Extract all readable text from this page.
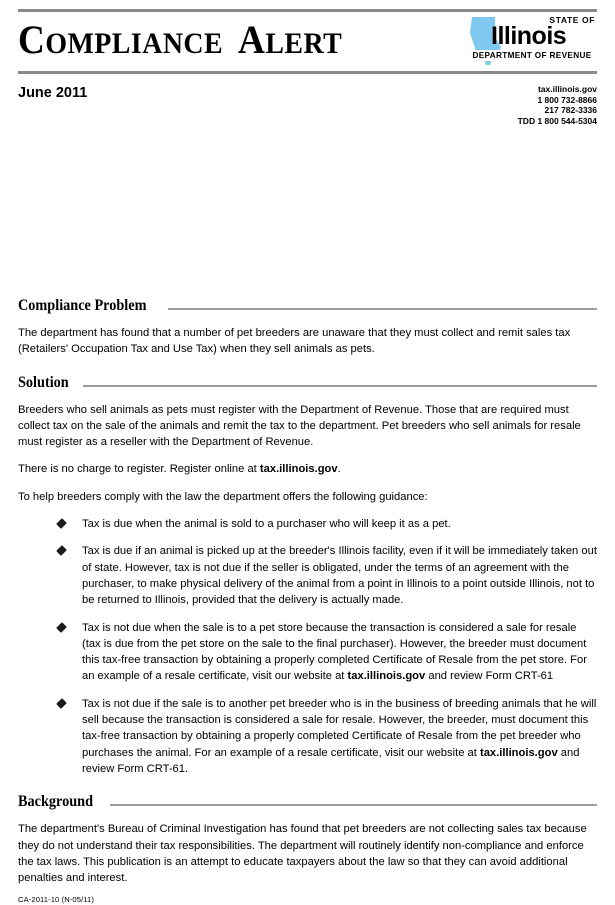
COMPLIANCE ALERT
STATE OF
Illinois
DEPARTMENT OF REVENUE
June 2011	tax.illinois.gov
1 800 732-8866
217 782-3336
TDD 1 800 544-5304
Compliance Problem

The department has found that a number of pet breeders are unaware that they must collect and remit sales tax (Retailers' Occupation Tax and Use Tax) when they sell animals as pets.

Solution

Breeders who sell animals as pets must register with the Department of Revenue. Those that are required must collect tax on the sale of the animals and remit the tax to the department. Pet breeders who sell animals for resale must register as a reseller with the Department of Revenue.

There is no charge to register. Register online at tax.illinois.gov.

To help breeders comply with the law the department offers the following guidance:

Tax is due when the animal is sold to a purchaser who will keep it as a pet.
Tax is due if an animal is picked up at the breeder's Illinois facility, even if it will be immediately taken out of state. However, tax is not due if the seller is obligated, under the terms of an agreement with the purchaser, to make physical delivery of the animal from a point in Illinois to a point outside Illinois, not to be returned to Illinois, provided that the delivery is actually made.
Tax is not due when the sale is to a pet store because the transaction is considered a sale for resale (tax is due from the pet store on the sale to the final purchaser). However, the breeder must document this tax-free transaction by obtaining a properly completed Certificate of Resale from the pet store. For an example of a resale certificate, visit our website at tax.illinois.gov and review Form CRT-61
Tax is not due if the sale is to another pet breeder who is in the business of breeding animals that he will sell because the transaction is considered a sale for resale. However, the breeder, must document this tax-free transaction by obtaining a properly completed Certificate of Resale from the pet breeder who purchases the animal. For an example of a resale certificate, visit our website at tax.illinois.gov and review Form CRT-61.
Background

The department's Bureau of Criminal Investigation has found that pet breeders are not collecting sales tax because they do not understand their tax responsibilities. The department will routinely identify non-compliance and enforce the tax laws. This publication is an attempt to educate taxpayers about the law so that they can avoid additional penalties and interest.

CA-2011-10 (N-05/11)
